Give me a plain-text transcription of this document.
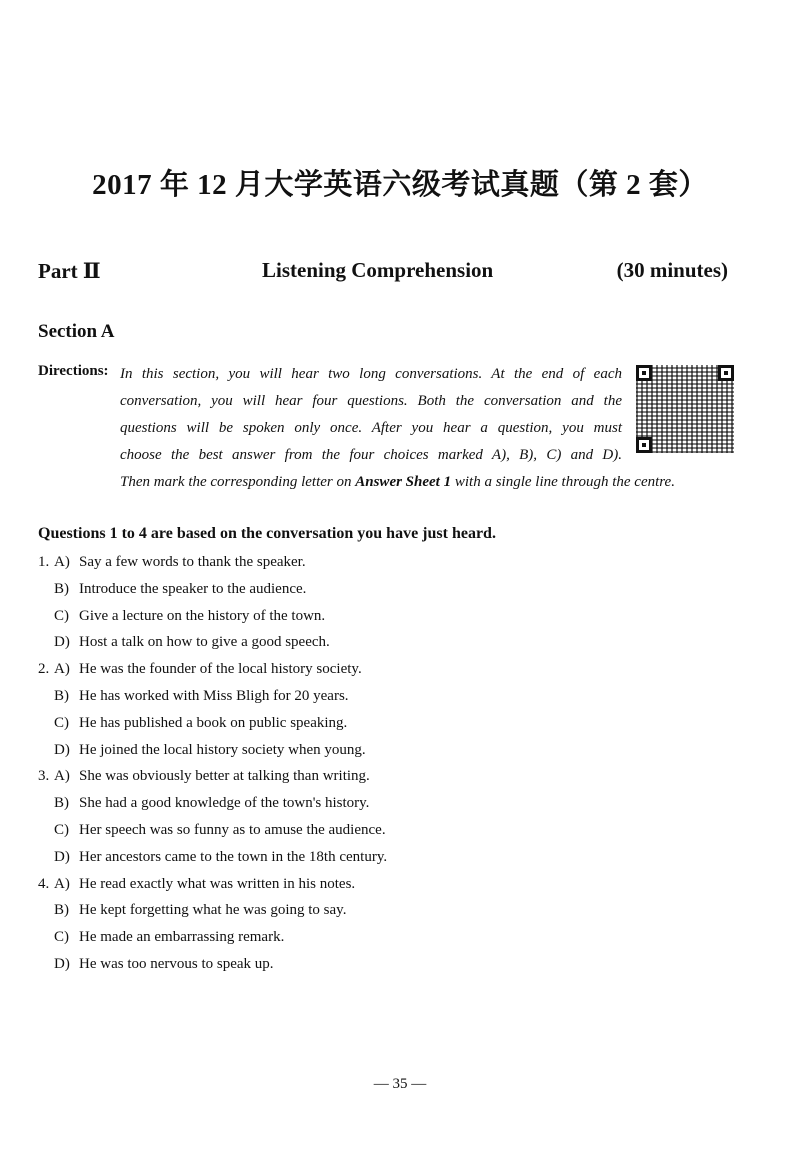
2017 年 12 月大学英语六级考试真题（第 2 套）
Part Ⅱ	Listening Comprehension	(30 minutes)
Section A
Directions: In this section, you will hear two long conversations. At the end of each
conversation, you will hear four questions. Both the conversation and the
questions will be spoken only once. After you hear a question, you must
choose the best answer from the four choices marked A), B), C) and D).
Then mark the corresponding letter on Answer Sheet 1 with a single line through the centre.
Questions 1 to 4 are based on the conversation you have just heard.
1. A) Say a few words to thank the speaker.
B) Introduce the speaker to the audience.
C) Give a lecture on the history of the town.
D) Host a talk on how to give a good speech.
2. A) He was the founder of the local history society.
B) He has worked with Miss Bligh for 20 years.
C) He has published a book on public speaking.
D) He joined the local history society when young.
3. A) She was obviously better at talking than writing.
B) She had a good knowledge of the town's history.
C) Her speech was so funny as to amuse the audience.
D) Her ancestors came to the town in the 18th century.
4. A) He read exactly what was written in his notes.
B) He kept forgetting what he was going to say.
C) He made an embarrassing remark.
D) He was too nervous to speak up.
— 35 —
